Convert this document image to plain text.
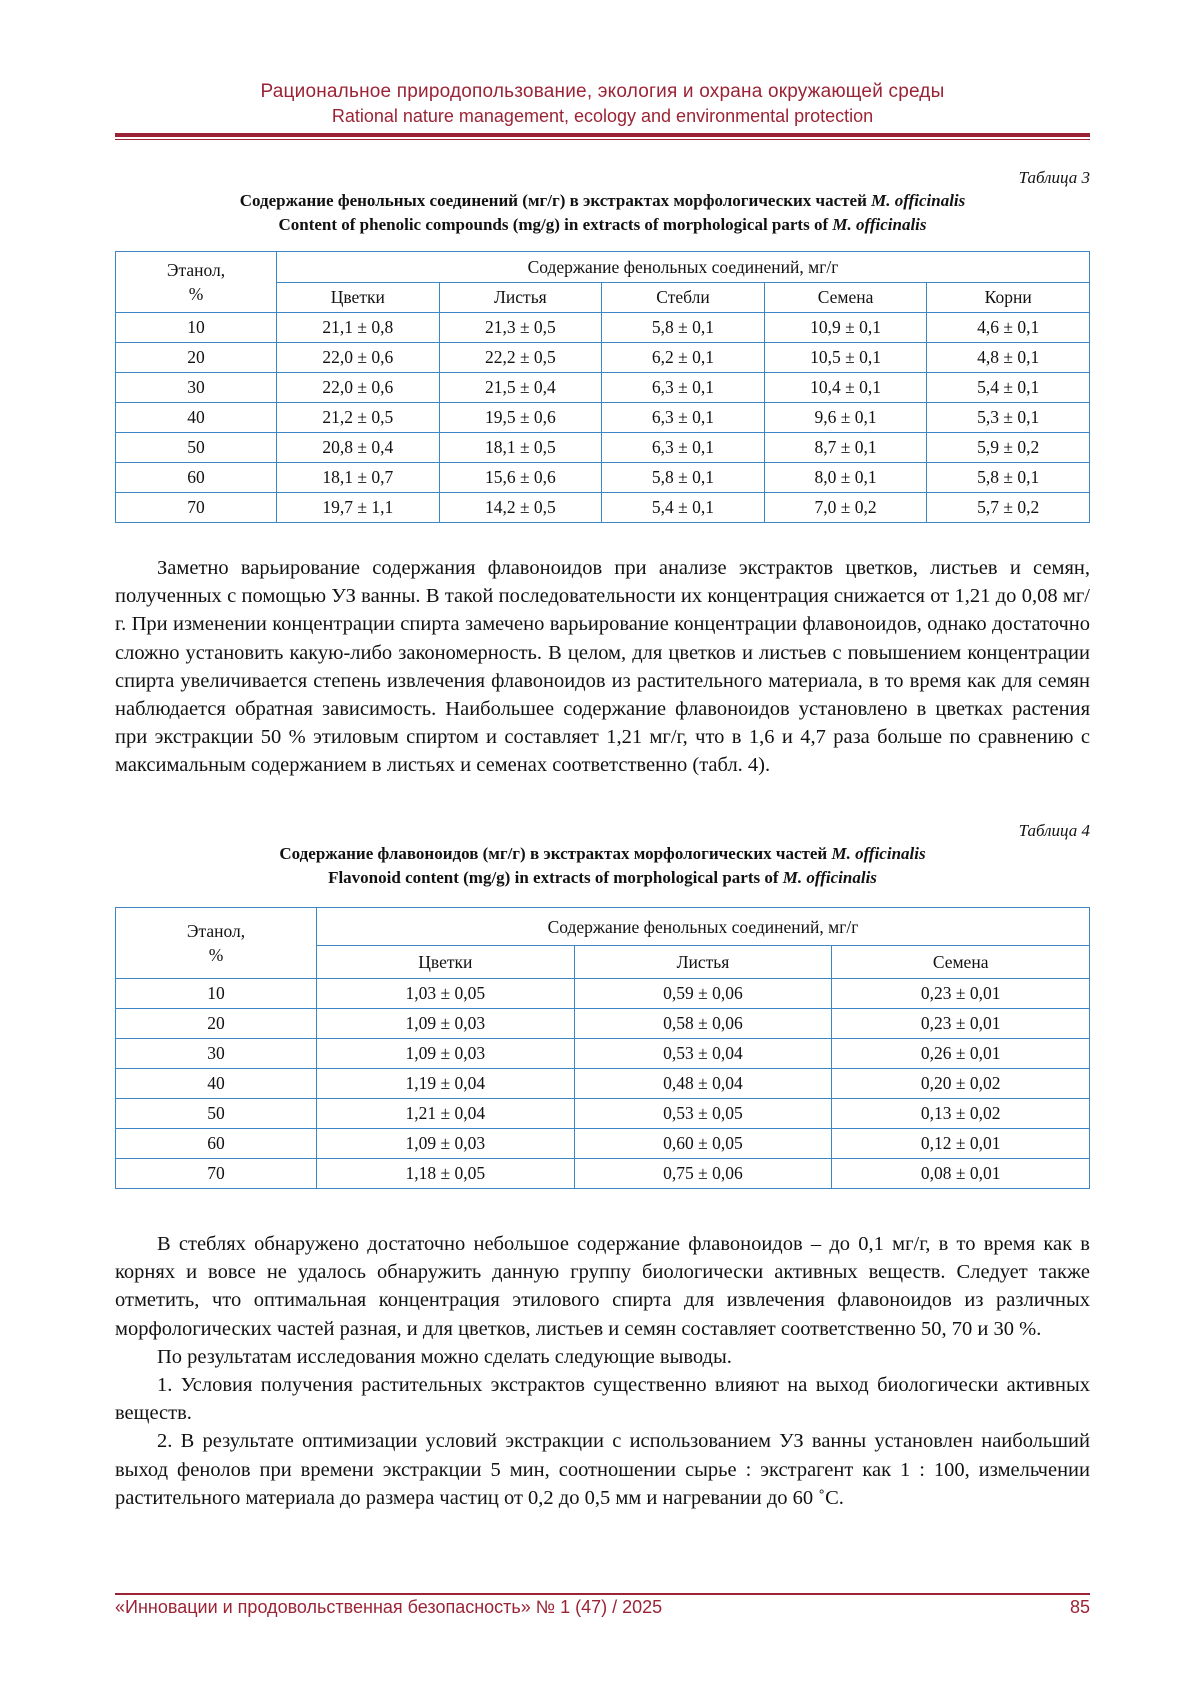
Рациональное природопользование, экология и охрана окружающей среды
Rational nature management, ecology and environmental protection
Таблица 3
Содержание фенольных соединений (мг/г) в экстрактах морфологических частей M. officinalis
Content of phenolic compounds (mg/g) in extracts of morphological parts of M. officinalis
Этанол,
%	Содержание фенольных соединений, мг/г				
	Цветки	Листья	Стебли	Семена	Корни
10	21,1 ± 0,8	21,3 ± 0,5	5,8 ± 0,1	10,9 ± 0,1	4,6 ± 0,1
20	22,0 ± 0,6	22,2 ± 0,5	6,2 ± 0,1	10,5 ± 0,1	4,8 ± 0,1
30	22,0 ± 0,6	21,5 ± 0,4	6,3 ± 0,1	10,4 ± 0,1	5,4 ± 0,1
40	21,2 ± 0,5	19,5 ± 0,6	6,3 ± 0,1	9,6 ± 0,1	5,3 ± 0,1
50	20,8 ± 0,4	18,1 ± 0,5	6,3 ± 0,1	8,7 ± 0,1	5,9 ± 0,2
60	18,1 ± 0,7	15,6 ± 0,6	5,8 ± 0,1	8,0 ± 0,1	5,8 ± 0,1
70	19,7 ± 1,1	14,2 ± 0,5	5,4 ± 0,1	7,0 ± 0,2	5,7 ± 0,2

Заметно варьирование содержания флавоноидов при анализе экстрактов цветков, листьев и семян, полученных с помощью УЗ ванны. В такой последовательности их концентрация снижается от 1,21 до 0,08 мг/г. При изменении концентрации спирта замечено варьирование концентрации флавоноидов, однако достаточно сложно установить какую-либо закономерность. В целом, для цветков и листьев с повышением концентрации спирта увеличивается степень извлечения флавоноидов из растительного материала, в то время как для семян наблюдается обратная зависимость. Наибольшее содержание флавоноидов установлено в цветках растения при экстракции 50 % этиловым спиртом и составляет 1,21 мг/г, что в 1,6 и 4,7 раза больше по сравнению с максимальным содержанием в листьях и семенах соответственно (табл. 4).

Таблица 4
Содержание флавоноидов (мг/г) в экстрактах морфологических частей M. officinalis
Flavonoid content (mg/g) in extracts of morphological parts of M. officinalis
Этанол,
%	Содержание фенольных соединений, мг/г		
	Цветки	Листья	Семена
10	1,03 ± 0,05	0,59 ± 0,06	0,23 ± 0,01
20	1,09 ± 0,03	0,58 ± 0,06	0,23 ± 0,01
30	1,09 ± 0,03	0,53 ± 0,04	0,26 ± 0,01
40	1,19 ± 0,04	0,48 ± 0,04	0,20 ± 0,02
50	1,21 ± 0,04	0,53 ± 0,05	0,13 ± 0,02
60	1,09 ± 0,03	0,60 ± 0,05	0,12 ± 0,01
70	1,18 ± 0,05	0,75 ± 0,06	0,08 ± 0,01

В стеблях обнаружено достаточно небольшое содержание флавоноидов – до 0,1 мг/г, в то время как в корнях и вовсе не удалось обнаружить данную группу биологически активных веществ. Следует также отметить, что оптимальная концентрация этилового спирта для извлечения флавоноидов из различных морфологических частей разная, и для цветков, листьев и семян составляет соответственно 50, 70 и 30 %.

По результатам исследования можно сделать следующие выводы.

1. Условия получения растительных экстрактов существенно влияют на выход биологически активных веществ.

2. В результате оптимизации условий экстракции с использованием УЗ ванны установлен наибольший выход фенолов при времени экстракции 5 мин, соотношении сырье : экстрагент как 1 : 100, измельчении растительного материала до размера частиц от 0,2 до 0,5 мм и нагревании до 60 ˚С.

«Инновации и продовольственная безопасность» № 1 (47) / 2025	85
